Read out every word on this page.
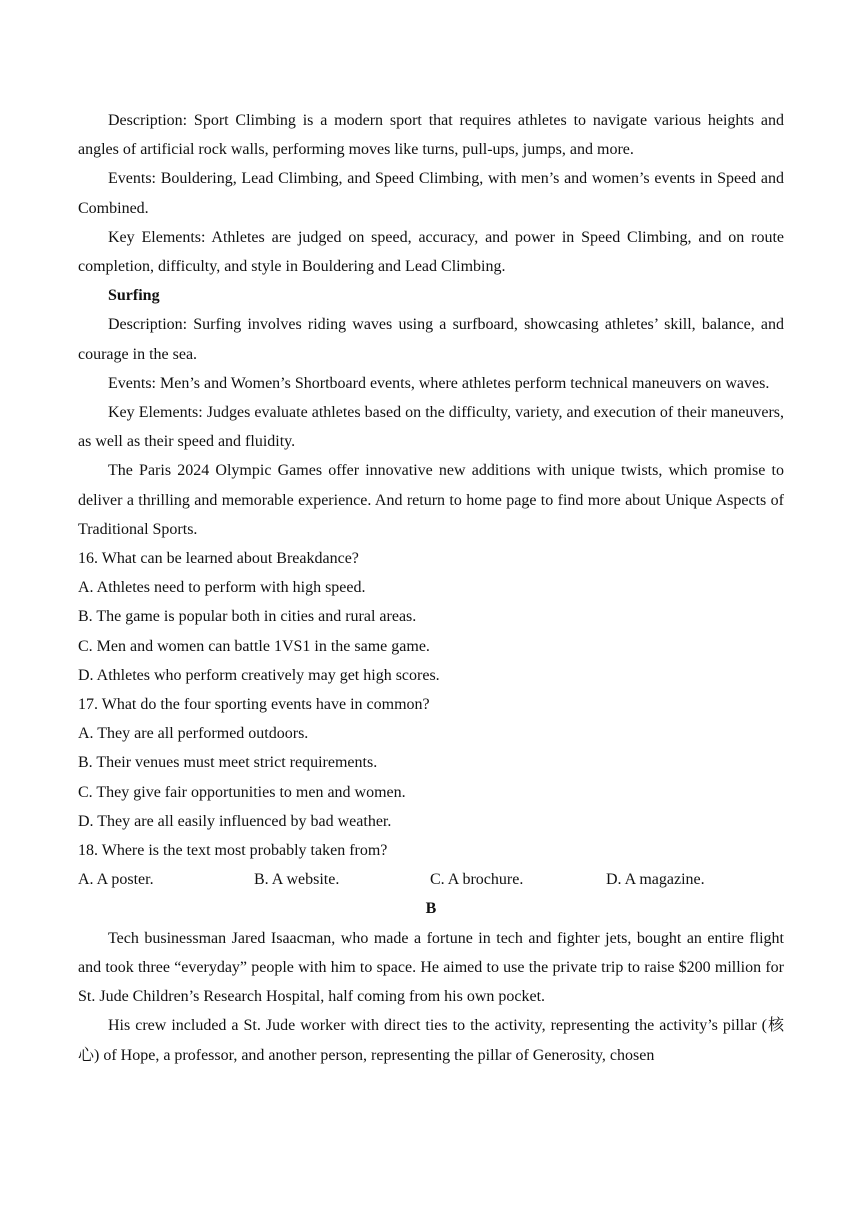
Description: Sport Climbing is a modern sport that requires athletes to navigate various heights and angles of artificial rock walls, performing moves like turns, pull-ups, jumps, and more.

Events: Bouldering, Lead Climbing, and Speed Climbing, with men’s and women’s events in Speed and Combined.

Key Elements: Athletes are judged on speed, accuracy, and power in Speed Climbing, and on route completion, difficulty, and style in Bouldering and Lead Climbing.

Surfing

Description: Surfing involves riding waves using a surfboard, showcasing athletes’ skill, balance, and courage in the sea.

Events: Men’s and Women’s Shortboard events, where athletes perform technical maneuvers on waves.

Key Elements: Judges evaluate athletes based on the difficulty, variety, and execution of their maneuvers, as well as their speed and fluidity.

The Paris 2024 Olympic Games offer innovative new additions with unique twists, which promise to deliver a thrilling and memorable experience. And return to home page to find more about Unique Aspects of Traditional Sports.

16. What can be learned about Breakdance?

A. Athletes need to perform with high speed.

B. The game is popular both in cities and rural areas.

C. Men and women can battle 1VS1 in the same game.

D. Athletes who perform creatively may get high scores.

17. What do the four sporting events have in common?

A. They are all performed outdoors.

B. Their venues must meet strict requirements.

C. They give fair opportunities to men and women.

D. They are all easily influenced by bad weather.

18. Where is the text most probably taken from?

A. A poster.	B. A website.	C. A brochure.	D. A magazine.

B

Tech businessman Jared Isaacman, who made a fortune in tech and fighter jets, bought an entire flight and took three “everyday” people with him to space. He aimed to use the private trip to raise $200 million for St. Jude Children’s Research Hospital, half coming from his own pocket.

His crew included a St. Jude worker with direct ties to the activity, representing the activity’s pillar (核心) of Hope, a professor, and another person, representing the pillar of Generosity, chosen
